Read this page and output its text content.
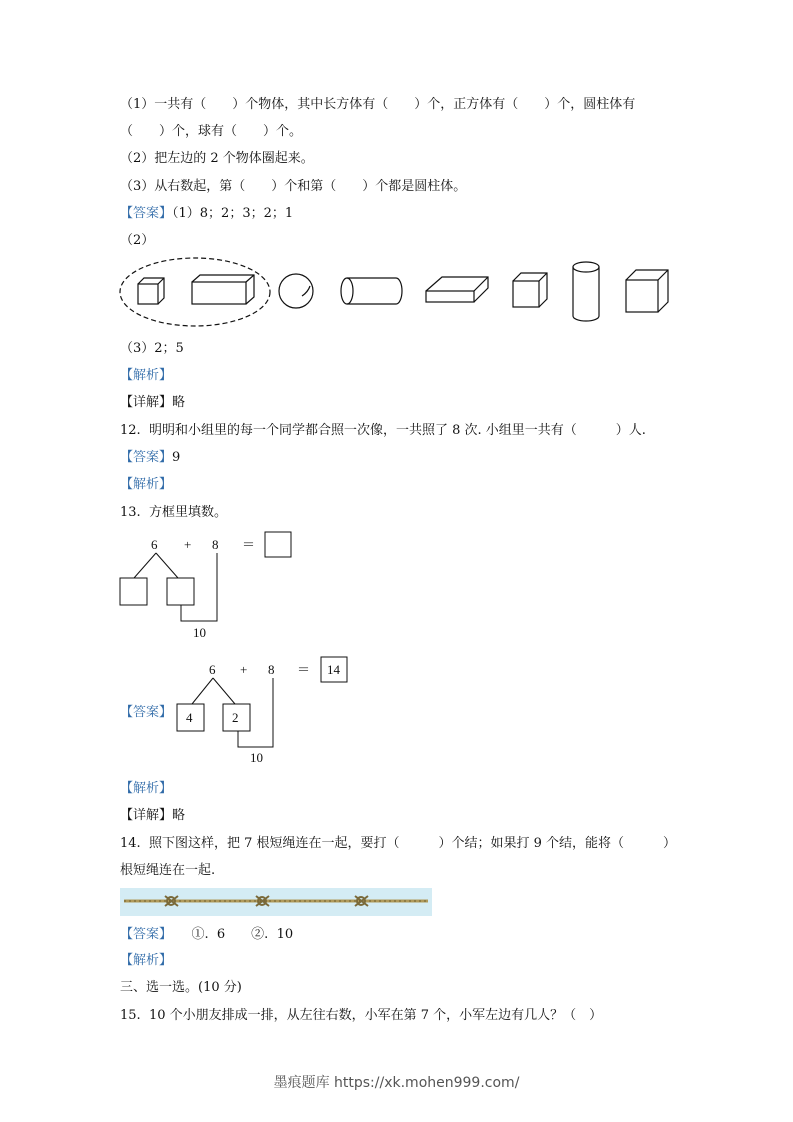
（1）一共有（　　）个物体，其中长方体有（　　）个，正方体有（　　）个，圆柱体有
（　　）个，球有（　　）个。
（2）把左边的 2 个物体圈起来。
（3）从右数起，第（　　）个和第（　　）个都是圆柱体。
【答案】（1）8；2；3；2；1
（2）
（3）2；5
【解析】
【详解】略
12.  明明和小组里的每一个同学都合照一次像，一共照了 8 次. 小组里一共有（　　　）人.
【答案】9
【解析】
13.  方框里填数。
6 + 8 ＝
10
【答案】
6 + 8 ＝ 14
4	2
10
【解析】
【详解】略
14.  照下图这样，把 7 根短绳连在一起，要打（　　　）个结；如果打 9 个结，能将（　　　）
根短绳连在一起.
【答案】　　①.  6　　②.  10
【解析】
三、选一选。(10 分)
15.  10 个小朋友排成一排，从左往右数，小军在第 7 个，小军左边有几人？（　）
墨痕题库 https://xk.mohen999.com/
